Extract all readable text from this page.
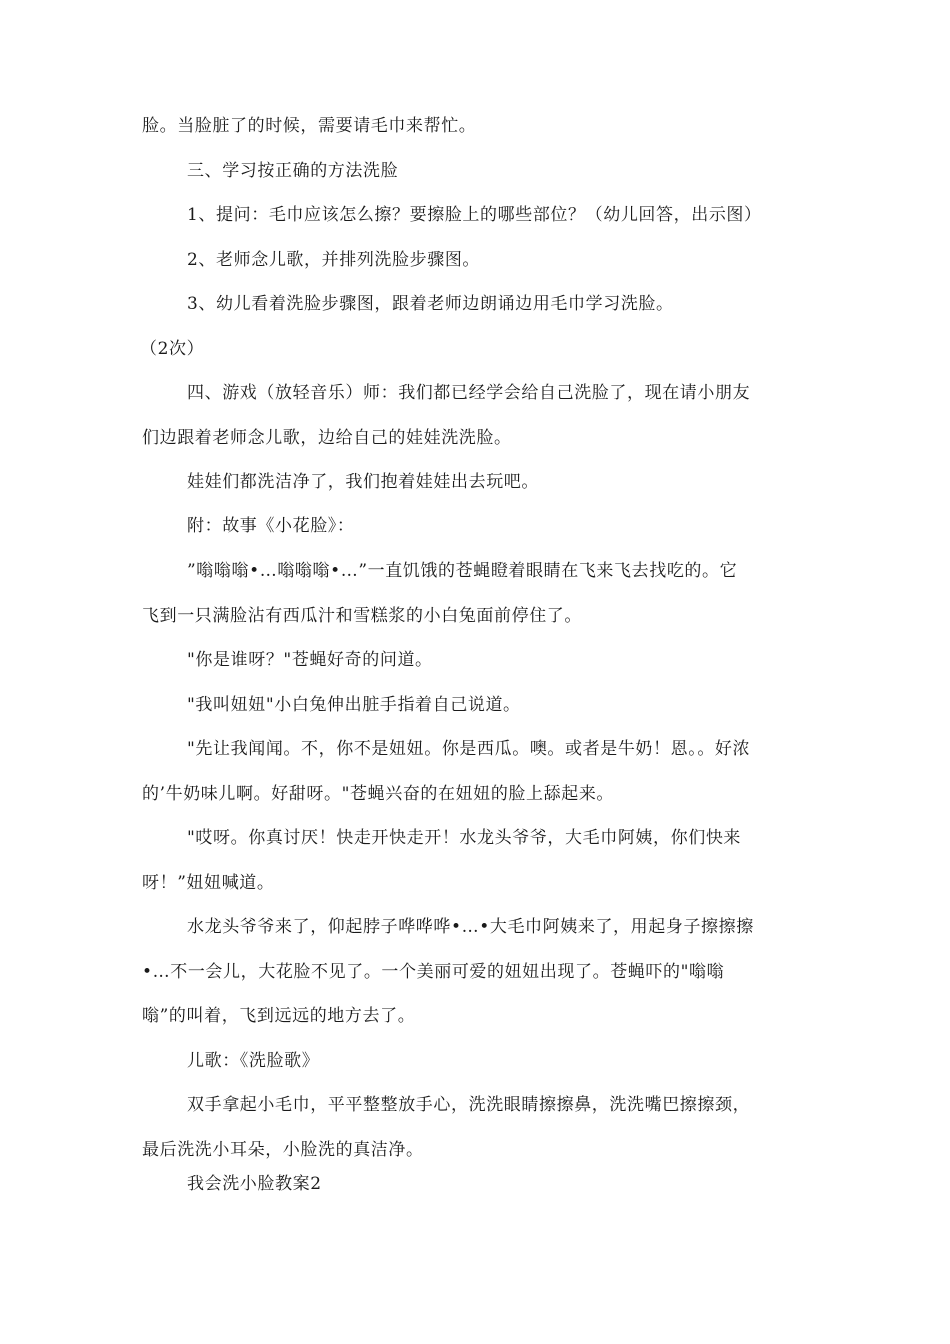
脸。当脸脏了的时候，需要请毛巾来帮忙。
三、学习按正确的方法洗脸
1、提问：毛巾应该怎么擦？要擦脸上的哪些部位？（幼儿回答，出示图）
2、老师念儿歌，并排列洗脸步骤图。
3、幼儿看着洗脸步骤图，跟着老师边朗诵边用毛巾学习洗脸。
（2次）
四、游戏（放轻音乐）师：我们都已经学会给自己洗脸了，现在请小朋友
们边跟着老师念儿歌，边给自己的娃娃洗洗脸。
娃娃们都洗洁净了，我们抱着娃娃出去玩吧。
附：故事《小花脸》：
”嗡嗡嗡•…嗡嗡嗡•…”一直饥饿的苍蝇瞪着眼睛在飞来飞去找吃的。它
飞到一只满脸沾有西瓜汁和雪糕浆的小白兔面前停住了。
"你是谁呀？"苍蝇好奇的问道。
"我叫妞妞"小白兔伸出脏手指着自己说道。
"先让我闻闻。不，你不是妞妞。你是西瓜。噢。或者是牛奶！恩。。好浓
的’牛奶味儿啊。好甜呀。"苍蝇兴奋的在妞妞的脸上舔起来。
"哎呀。你真讨厌！快走开快走开！水龙头爷爷，大毛巾阿姨，你们快来
呀！”妞妞喊道。
水龙头爷爷来了，仰起脖子哗哗哗•…•大毛巾阿姨来了，用起身子擦擦擦
•…不一会儿，大花脸不见了。一个美丽可爱的妞妞出现了。苍蝇吓的"嗡嗡
嗡”的叫着，飞到远远的地方去了。
儿歌：《洗脸歌》
双手拿起小毛巾，平平整整放手心，洗洗眼睛擦擦鼻，洗洗嘴巴擦擦颈，
最后洗洗小耳朵，小脸洗的真洁净。
我会洗小脸教案2
